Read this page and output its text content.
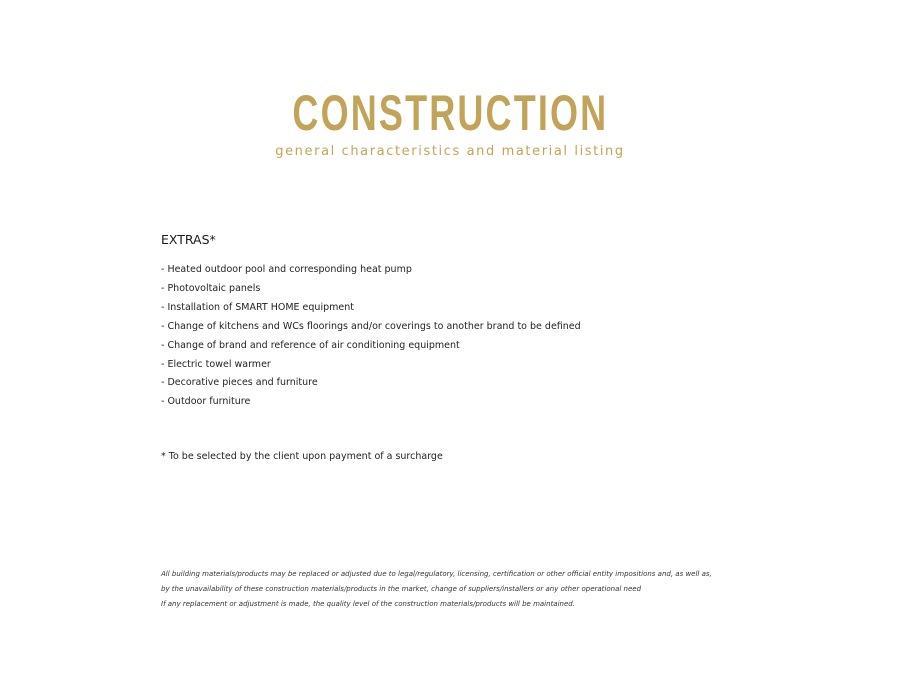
CONSTRUCTION
general characteristics and material listing
EXTRAS*
- Heated outdoor pool and corresponding heat pump
- Photovoltaic panels
- Installation of SMART HOME equipment
- Change of kitchens and WCs floorings and/or coverings to another brand to be defined
- Change of brand and reference of air conditioning equipment
- Electric towel warmer
- Decorative pieces and furniture
- Outdoor furniture
* To be selected by the client upon payment of a surcharge
All building materials/products may be replaced or adjusted due to legal/regulatory, licensing, certification or other official entity impositions and, as well as,
by the unavailability of these construction materials/products in the market, change of suppliers/installers or any other operational need
If any replacement or adjustment is made, the quality level of the construction materials/products will be maintained.
